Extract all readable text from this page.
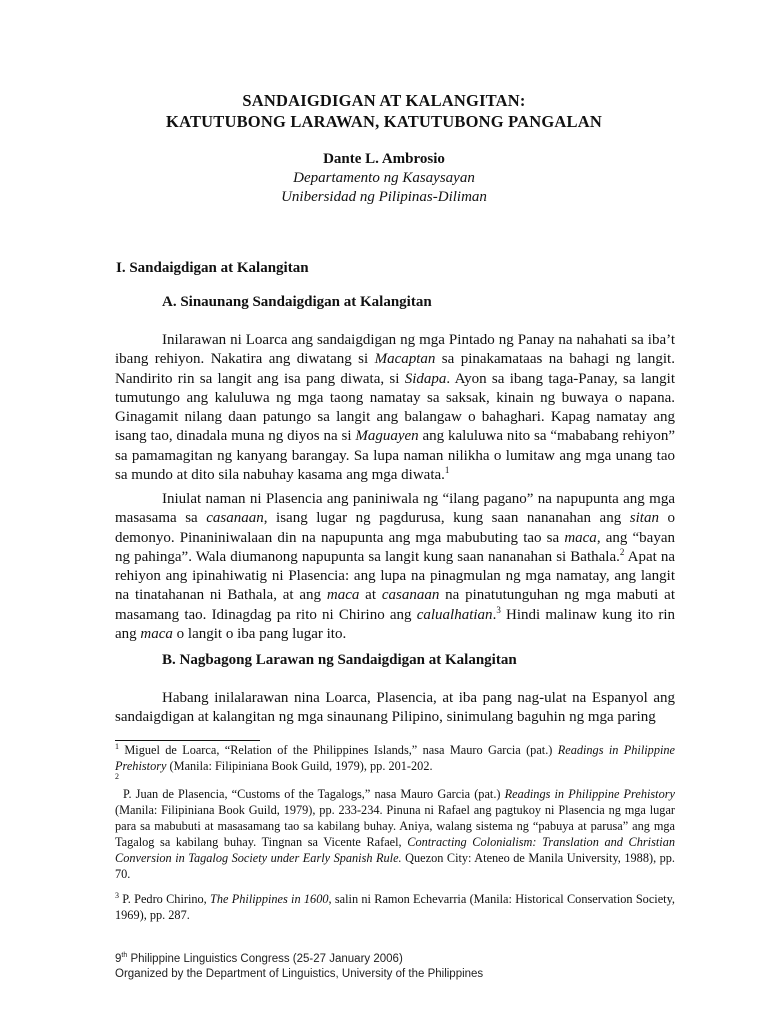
SANDAIGDIGAN AT KALANGITAN:
KATUTUBONG LARAWAN, KATUTUBONG PANGALAN
Dante L. Ambrosio
Departamento ng Kasaysayan
Unibersidad ng Pilipinas-Diliman
I. Sandaigdigan at Kalangitan
A. Sinaunang Sandaigdigan at Kalangitan

Inilarawan ni Loarca ang sandaigdigan ng mga Pintado ng Panay na nahahati sa iba’t ibang rehiyon. Nakatira ang diwatang si Macaptan sa pinakamataas na bahagi ng langit. Nandirito rin sa langit ang isa pang diwata, si Sidapa. Ayon sa ibang taga-Panay, sa langit tumutungo ang kaluluwa ng mga taong namatay sa saksak, kinain ng buwaya o napana. Ginagamit nilang daan patungo sa langit ang balangaw o bahaghari. Kapag namatay ang isang tao, dinadala muna ng diyos na si Maguayen ang kaluluwa nito sa “mababang rehiyon” sa pamamagitan ng kanyang barangay. Sa lupa naman nilikha o lumitaw ang mga unang tao sa mundo at dito sila nabuhay kasama ang mga diwata.$^1$

Iniulat naman ni Plasencia ang paniniwala ng “ilang pagano” na napupunta ang mga masasama sa casanaan, isang lugar ng pagdurusa, kung saan nananahan ang sitan o demonyo. Pinaniniwalaan din na napupunta ang mga mabubuting tao sa maca, ang “bayan ng pahinga”. Wala diumanong napupunta sa langit kung saan nananahan si Bathala.$^2$ Apat na rehiyon ang ipinahiwatig ni Plasencia: ang lupa na pinagmulan ng mga namatay, ang langit na tinatahanan ni Bathala, at ang maca at casanaan na pinatutunguhan ng mga mabuti at masamang tao. Idinagdag pa rito ni Chirino ang calualhatian.$^3$ Hindi malinaw kung ito rin ang maca o langit o iba pang lugar ito.

B. Nagbagong Larawan ng Sandaigdigan at Kalangitan

Habang inilalarawan nina Loarca, Plasencia, at iba pang nag-ulat na Espanyol ang sandaigdigan at kalangitan ng mga sinaunang Pilipino, sinimulang baguhin ng mga paring

$^1$ Miguel de Loarca, “Relation of the Philippines Islands,” nasa Mauro Garcia (pat.) Readings in Philippine Prehistory (Manila: Filipiniana Book Guild, 1979), pp. 201-202.

$^2$

P. Juan de Plasencia, “Customs of the Tagalogs,” nasa Mauro Garcia (pat.) Readings in Philippine Prehistory (Manila: Filipiniana Book Guild, 1979), pp. 233-234. Pinuna ni Rafael ang pagtukoy ni Plasencia ng mga lugar para sa mabubuti at masasamang tao sa kabilang buhay. Aniya, walang sistema ng “pabuya at parusa” ang mga Tagalog sa kabilang buhay. Tingnan sa Vicente Rafael, Contracting Colonialism: Translation and Christian Conversion in Tagalog Society under Early Spanish Rule. Quezon City: Ateneo de Manila University, 1988), pp. 70.

$^3$ P. Pedro Chirino, The Philippines in 1600, salin ni Ramon Echevarria (Manila: Historical Conservation Society, 1969), pp. 287.

9th Philippine Linguistics Congress (25-27 January 2006)
Organized by the Department of Linguistics, University of the Philippines
